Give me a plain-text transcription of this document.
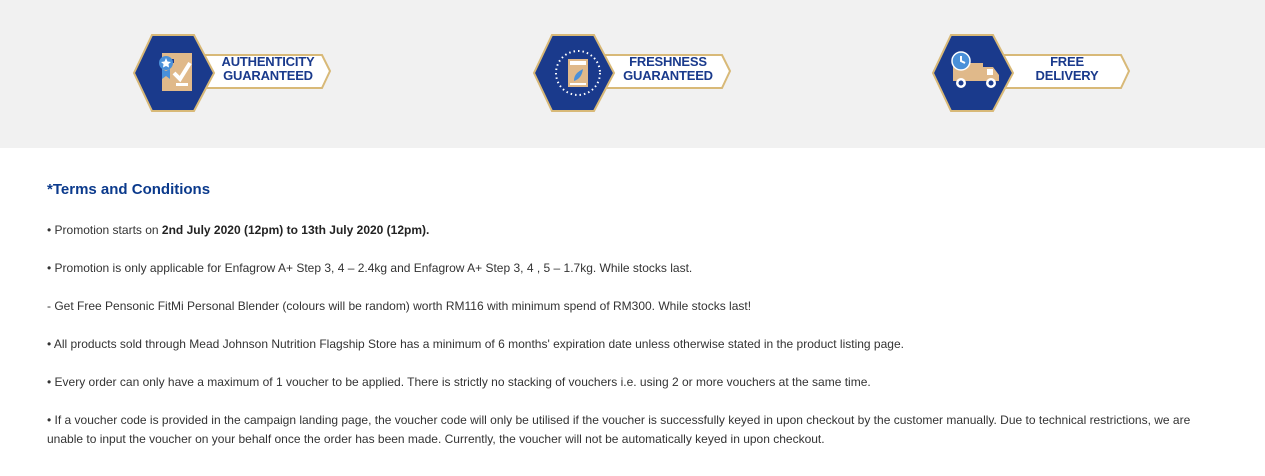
AUTHENTICITY
GUARANTEED
FRESHNESS
GUARANTEED
FREE
DELIVERY
*Terms and Conditions

• Promotion starts on 2nd July 2020 (12pm) to 13th July 2020 (12pm).

• Promotion is only applicable for Enfagrow A+ Step 3, 4 – 2.4kg and Enfagrow A+ Step 3, 4 , 5 – 1.7kg. While stocks last.

- Get Free Pensonic FitMi Personal Blender (colours will be random) worth RM116 with minimum spend of RM300. While stocks last!

• All products sold through Mead Johnson Nutrition Flagship Store has a minimum of 6 months' expiration date unless otherwise stated in the product listing page.

• Every order can only have a maximum of 1 voucher to be applied. There is strictly no stacking of vouchers i.e. using 2 or more vouchers at the same time.

• If a voucher code is provided in the campaign landing page, the voucher code will only be utilised if the voucher is successfully keyed in upon checkout by the customer manually. Due to technical restrictions, we are unable to input the voucher on your behalf once the order has been made. Currently, the voucher will not be automatically keyed in upon checkout.
